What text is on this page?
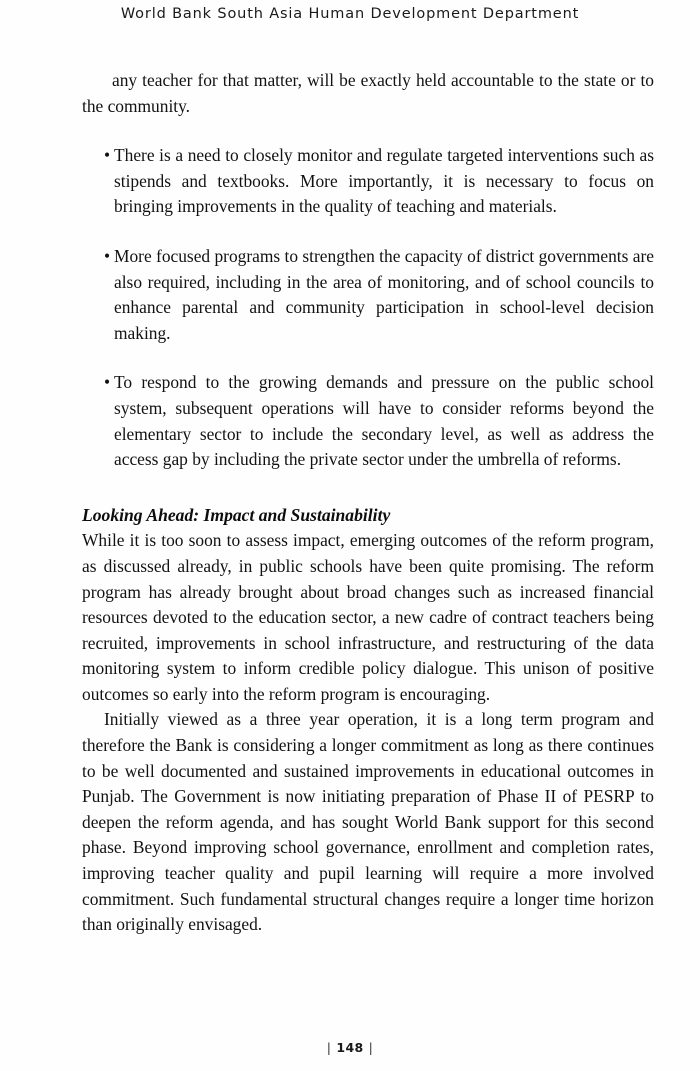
World Bank South Asia Human Development Department

any teacher for that matter, will be exactly held accountable to the state or to the community.

• There is a need to closely monitor and regulate targeted interventions such as stipends and textbooks. More importantly, it is necessary to focus on bringing improvements in the quality of teaching and materials.
• More focused programs to strengthen the capacity of district governments are also required, including in the area of monitoring, and of school councils to enhance parental and community participation in school-level decision making.
• To respond to the growing demands and pressure on the public school system, subsequent operations will have to consider reforms beyond the elementary sector to include the secondary level, as well as address the access gap by including the private sector under the umbrella of reforms.
Looking Ahead: Impact and Sustainability

While it is too soon to assess impact, emerging outcomes of the reform program, as discussed already, in public schools have been quite promising. The reform program has already brought about broad changes such as increased financial resources devoted to the education sector, a new cadre of contract teachers being recruited, improvements in school infrastructure, and restructuring of the data monitoring system to inform credible policy dialogue. This unison of positive outcomes so early into the reform program is encouraging.

Initially viewed as a three year operation, it is a long term program and therefore the Bank is considering a longer commitment as long as there continues to be well documented and sustained improvements in educational outcomes in Punjab. The Government is now initiating preparation of Phase II of PESRP to deepen the reform agenda, and has sought World Bank support for this second phase. Beyond improving school governance, enrollment and completion rates, improving teacher quality and pupil learning will require a more involved commitment. Such fundamental structural changes require a longer time horizon than originally envisaged.

| 148 |
